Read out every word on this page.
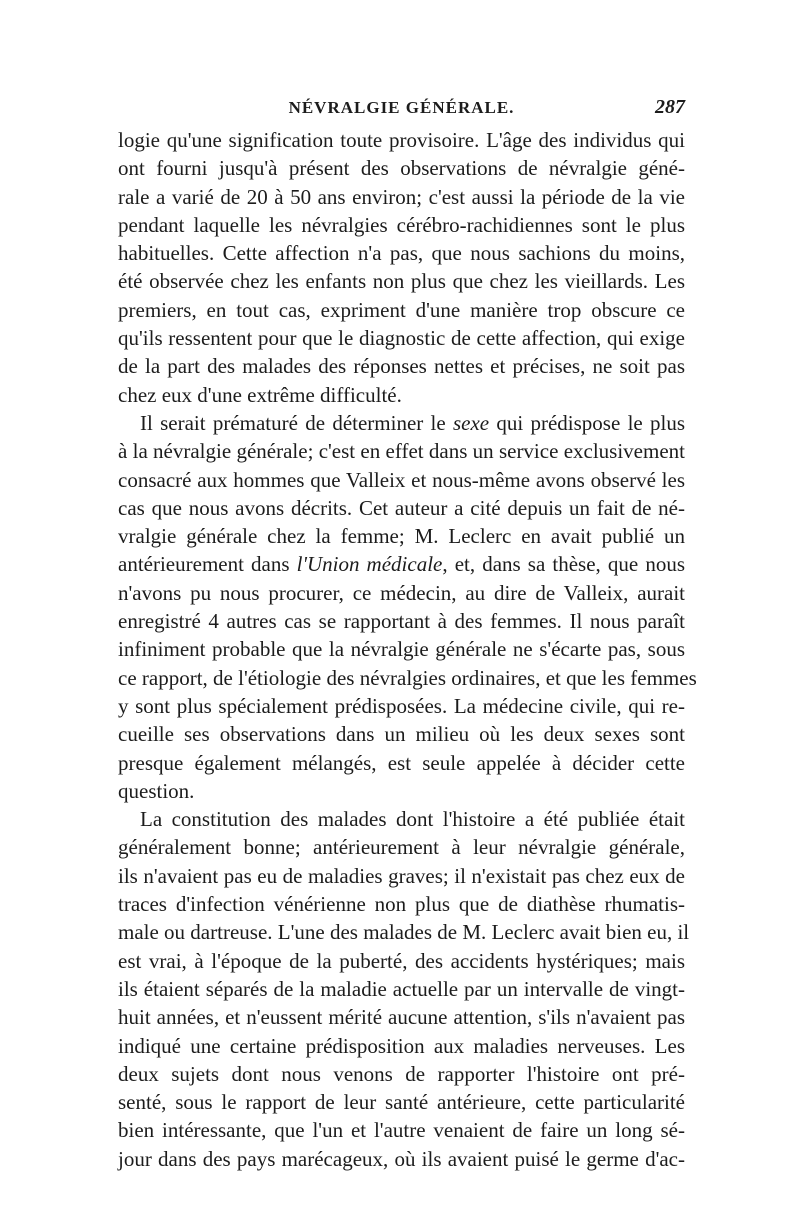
NÉVRALGIE GÉNÉRALE.	287
logie qu'une signification toute provisoire. L'âge des individus qui
ont fourni jusqu'à présent des observations de névralgie géné-
rale a varié de 20 à 50 ans environ; c'est aussi la période de la vie
pendant laquelle les névralgies cérébro-rachidiennes sont le plus
habituelles. Cette affection n'a pas, que nous sachions du moins,
été observée chez les enfants non plus que chez les vieillards. Les
premiers, en tout cas, expriment d'une manière trop obscure ce
qu'ils ressentent pour que le diagnostic de cette affection, qui exige
de la part des malades des réponses nettes et précises, ne soit pas
chez eux d'une extrême difficulté.
Il serait prématuré de déterminer le sexe qui prédispose le plus
à la névralgie générale; c'est en effet dans un service exclusivement
consacré aux hommes que Valleix et nous-même avons observé les
cas que nous avons décrits. Cet auteur a cité depuis un fait de né-
vralgie générale chez la femme; M. Leclerc en avait publié un
antérieurement dans l'Union médicale, et, dans sa thèse, que nous
n'avons pu nous procurer, ce médecin, au dire de Valleix, aurait
enregistré 4 autres cas se rapportant à des femmes. Il nous paraît
infiniment probable que la névralgie générale ne s'écarte pas, sous
ce rapport, de l'étiologie des névralgies ordinaires, et que les femmes
y sont plus spécialement prédisposées. La médecine civile, qui re-
cueille ses observations dans un milieu où les deux sexes sont
presque également mélangés, est seule appelée à décider cette
question.
La constitution des malades dont l'histoire a été publiée était
généralement bonne; antérieurement à leur névralgie générale,
ils n'avaient pas eu de maladies graves; il n'existait pas chez eux de
traces d'infection vénérienne non plus que de diathèse rhumatis-
male ou dartreuse. L'une des malades de M. Leclerc avait bien eu, il
est vrai, à l'époque de la puberté, des accidents hystériques; mais
ils étaient séparés de la maladie actuelle par un intervalle de vingt-
huit années, et n'eussent mérité aucune attention, s'ils n'avaient pas
indiqué une certaine prédisposition aux maladies nerveuses. Les
deux sujets dont nous venons de rapporter l'histoire ont pré-
senté, sous le rapport de leur santé antérieure, cette particularité
bien intéressante, que l'un et l'autre venaient de faire un long sé-
jour dans des pays marécageux, où ils avaient puisé le germe d'ac-
